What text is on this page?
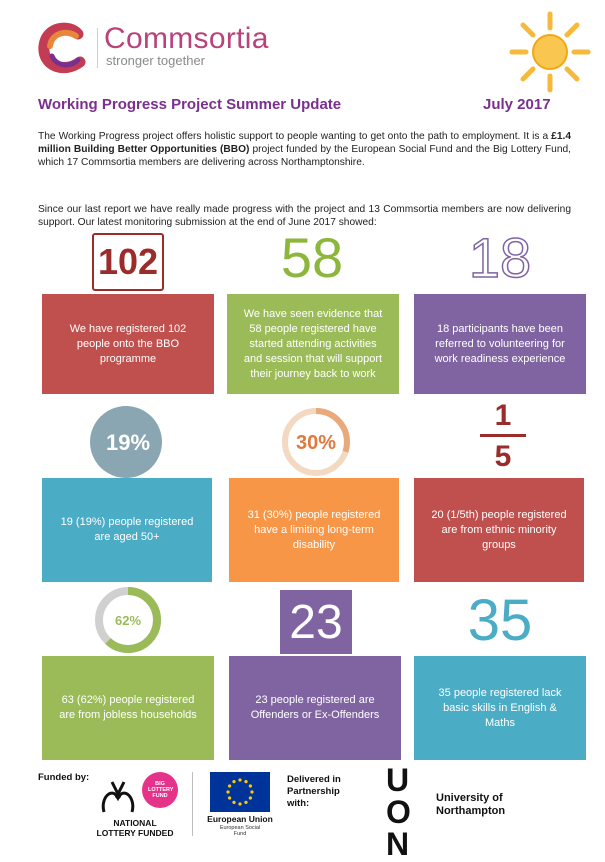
Commsortia
stronger together
Working Progress Project Summer Update	July 2017
The Working Progress project offers holistic support to people wanting to get onto the path to employment. It is a £1.4 million Building Better Opportunities (BBO) project funded by the European Social Fund and the Big Lottery Fund, which 17 Commsortia members are delivering across Northamptonshire.
Since our last report we have really made progress with the project and 13 Commsortia members are now delivering support. Our latest monitoring submission at the end of June 2017 showed:
102	58	18
We have registered 102 people onto the BBO programme
We have seen evidence that 58 people registered have started attending activities and session that will support their journey back to work
18 participants have been referred to volunteering for work readiness experience
19%	30%
1
5
19 (19%) people registered are aged 50+
31 (30%) people registered have a limiting long-term disability
20 (1/5th) people registered are from ethnic minority groups
62%	23 35
63 (62%) people registered are from jobless households
23 people registered are Offenders or Ex-Offenders
35 people registered lack basic skills in English & Maths
Funded by:
NATIONAL LOTTERY FUNDED
BIG LOTTERY FUND
European Union
European Social Fund
Delivered in Partnership with:
UON
University of Northampton
